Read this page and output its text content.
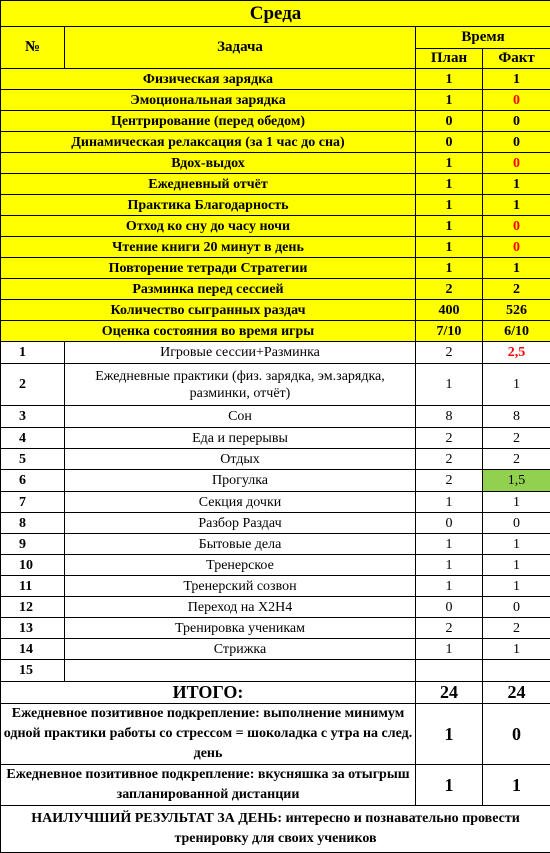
Среда			
№	Задача	Время	
		План	Факт
Физическая зарядка		1	1
Эмоциональная зарядка		1	0
Центрирование (перед обедом)		0	0
Динамическая релаксация (за 1 час до сна)		0	0
Вдох-выдох		1	0
Ежедневный отчёт		1	1
Практика Благодарность		1	1
Отход ко сну до часу ночи		1	0
Чтение книги 20 минут в день		1	0
Повторение тетради Стратегии		1	1
Разминка перед сессией		2	2
Количество сыгранных раздач		400	526
Оценка состояния во время игры		7/10	6/10
1	Игровые сессии+Разминка	2	2,5
2	Ежедневные практики (физ. зарядка, эм.зарядка, разминки, отчёт)	1	1
3	Сон	8	8
4	Еда и перерывы	2	2
5	Отдых	2	2
6	Прогулка	2	1,5
7	Секция дочки	1	1
8	Разбор Раздач	0	0
9	Бытовые дела	1	1
10	Тренерское	1	1
11	Тренерский созвон	1	1
12	Переход на X2H4	0	0
13	Тренировка ученикам	2	2
14	Стрижка	1	1
15			
ИТОГО:		24	24
Ежедневное позитивное подкрепление: выполнение минимум одной практики работы со стрессом = шоколадка с утра на след. день		1	0
Ежедневное позитивное подкрепление: вкусняшка за отыгрыш запланированной дистанции		1	1
НАИЛУЧШИЙ РЕЗУЛЬТАТ ЗА ДЕНЬ: интересно и познавательно провести тренировку для своих учеников			
